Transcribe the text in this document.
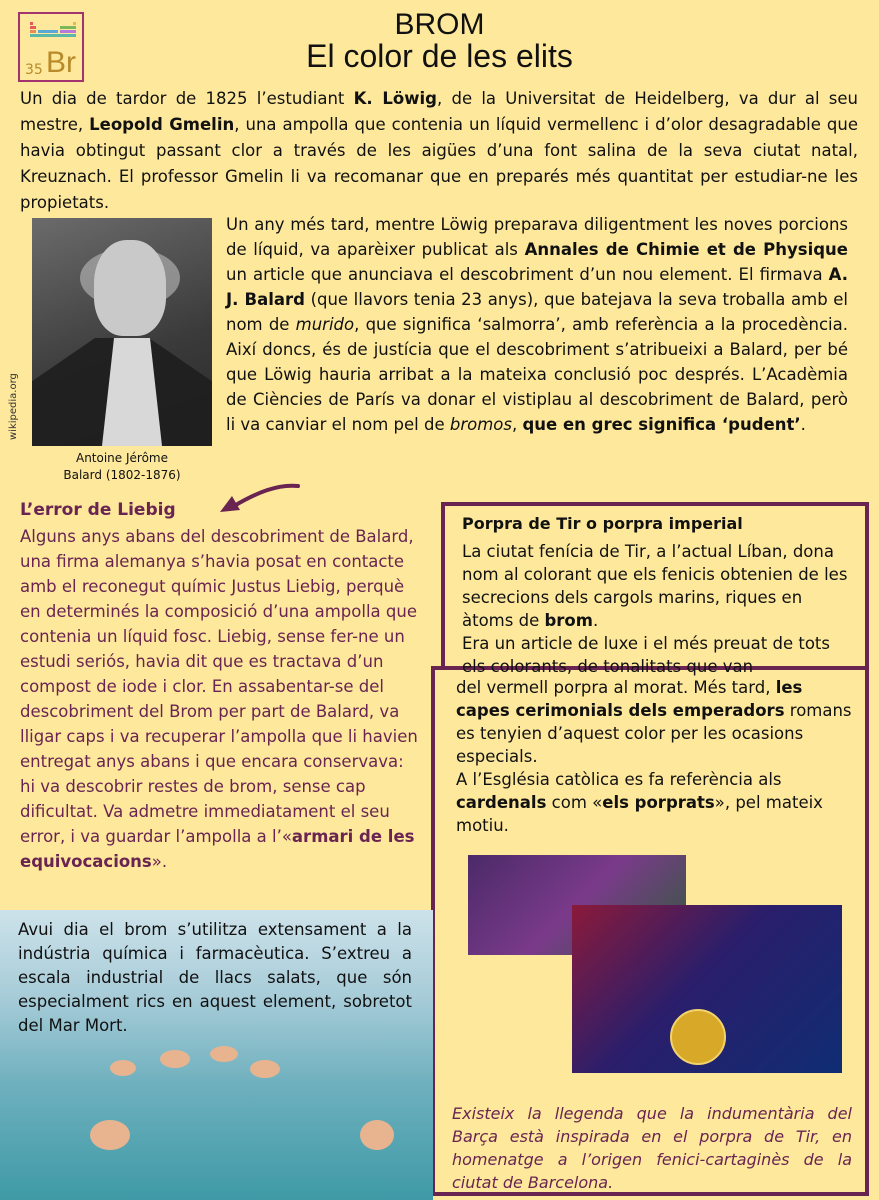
35 Br
BROM
El color de les elits

Un dia de tardor de 1825 l’estudiant K. Löwig, de la Universitat de Heidelberg, va dur al seu mestre, Leopold Gmelin, una ampolla que contenia un líquid vermellenc i d’olor desagradable que havia obtingut passant clor a través de les aigües d’una font salina de la seva ciutat natal, Kreuznach. El professor Gmelin li va recomanar que en preparés més quantitat per estudiar-ne les propietats.

wikipedia.org
Antoine Jérôme
Balard (1802-1876)

Un any més tard, mentre Löwig preparava diligentment les noves porcions de líquid, va aparèixer publicat als Annales de Chimie et de Physique un article que anunciava el descobriment d’un nou element. El firmava A. J. Balard (que llavors tenia 23 anys), que batejava la seva troballa amb el nom de murido, que significa ‘salmorra’, amb referència a la procedència. Així doncs, és de justícia que el descobriment s’atribueixi a Balard, per bé que Löwig hauria arribat a la mateixa conclusió poc després. L’Acadèmia de Ciències de París va donar el vistiplau al descobriment de Balard, però li va canviar el nom pel de bromos, que en grec significa ‘pudent’.

L’error de Liebig

Alguns anys abans del descobriment de Balard, una firma alemanya s’havia posat en contacte amb el reconegut químic Justus Liebig, perquè en determinés la composició d’una ampolla que contenia un líquid fosc. Liebig, sense fer-ne un estudi seriós, havia dit que es tractava d’un compost de iode i clor. En assabentar-se del descobriment del Brom per part de Balard, va lligar caps i va recuperar l’ampolla que li havien entregat anys abans i que encara conservava: hi va descobrir restes de brom, sense cap dificultat. Va admetre immediatament el seu error, i va guardar l’ampolla a l’«armari de les equivocacions».

Porpra de Tir o porpra imperial

La ciutat fenícia de Tir, a l’actual Líban, dona nom al colorant que els fenicis obtenien de les secrecions dels cargols marins, riques en àtoms de brom.
Era un article de luxe i el més preuat de tots els colorants, de tonalitats que van

del vermell porpra al morat. Més tard, les capes cerimonials dels emperadors romans es tenyien d’aquest color per les ocasions especials.
A l’Església catòlica es fa referència als cardenals com «els porprats», pel mateix motiu.

Existeix la llegenda que la indumentària del Barça està inspirada en el porpra de Tir, en homenatge a l’origen fenici-cartaginès de la ciutat de Barcelona.

Avui dia el brom s’utilitza extensament a la indústria química i farmacèutica. S’extreu a escala industrial de llacs salats, que són especialment rics en aquest element, sobretot del Mar Mort.
